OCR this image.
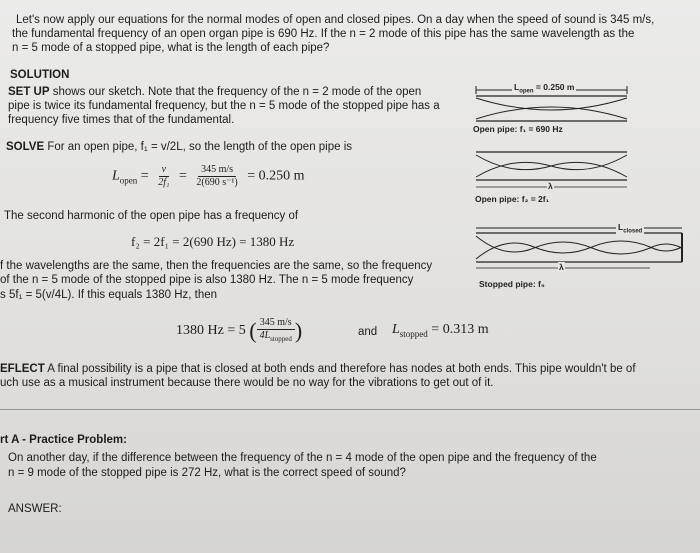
Let's now apply our equations for the normal modes of open and closed pipes. On a day when the speed of sound is 345 m/s,
the fundamental frequency of an open organ pipe is 690 Hz. If the n = 2 mode of this pipe has the same wavelength as the
n = 5 mode of a stopped pipe, what is the length of each pipe?
SOLUTION
SET UP shows our sketch. Note that the frequency of the n = 2 mode of the open
pipe is twice its fundamental frequency, but the n = 5 mode of the stopped pipe has a
frequency five times that of the fundamental.
SOLVE For an open pipe, f₁ = v/2L, so the length of the open pipe is
$L_{open} = \frac{v}{\text{2f₁}} = \frac{345 m/s}{\text{2(690 s⁻¹)}} = 0.250$ m
The second harmonic of the open pipe has a frequency of
f₂ = 2f₁ = 2(690 Hz) = 1380 Hz
f the wavelengths are the same, then the frequencies are the same, so the frequency
of the n = 5 mode of the stopped pipe is also 1380 Hz. The n = 5 mode frequency
s 5f₁ = 5(v/4L). If this equals 1380 Hz, then
1380 Hz = 5 ( $\frac{345 m/s}{4L_{stopped}}$ )	and $L_{stopped} = 0.313$ m
EFLECT A final possibility is a pipe that is closed at both ends and therefore has nodes at both ends. This pipe wouldn't be of
uch use as a musical instrument because there would be no way for the vibrations to get out of it.
rt A - Practice Problem:
On another day, if the difference between the frequency of the n = 4 mode of the open pipe and the frequency of the
n = 9 mode of the stopped pipe is 272 Hz, what is the correct speed of sound?
ANSWER:
$L_{open} = 0.250$ m
Open pipe: f₁ = 690 Hz
Open pipe: f₂ = 2f₁
λ
$L_{closed}$
λ
Stopped pipe: f₅
